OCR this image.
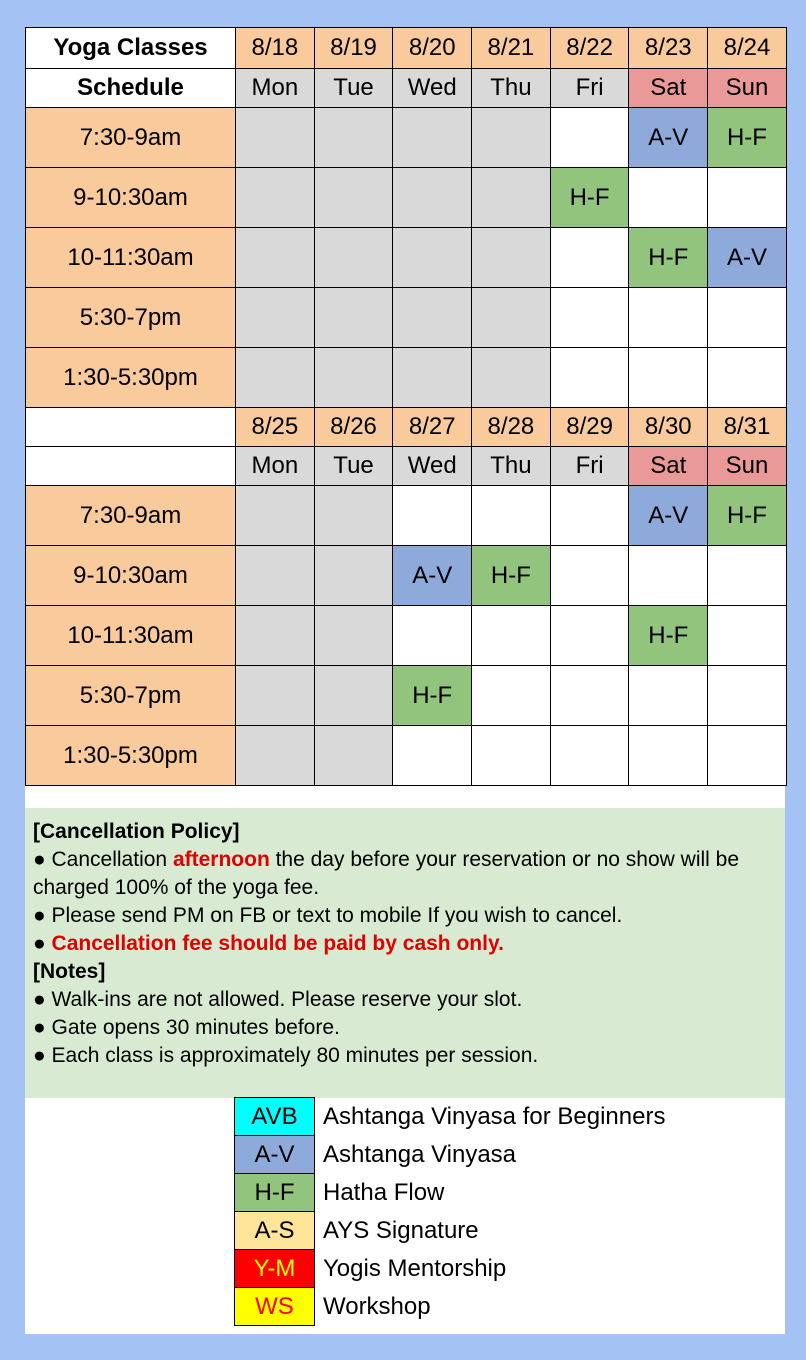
Yoga Classes	8/18	8/19	8/20	8/21	8/22	8/23	8/24
Schedule	Mon	Tue	Wed	Thu	Fri	Sat	Sun
7:30-9am						A-V	H-F
9-10:30am					H-F		
10-11:30am						H-F	A-V
5:30-7pm							
1:30-5:30pm							
	8/25	8/26	8/27	8/28	8/29	8/30	8/31
	Mon	Tue	Wed	Thu	Fri	Sat	Sun
7:30-9am						A-V	H-F
9-10:30am			A-V	H-F			
10-11:30am						H-F	
5:30-7pm			H-F				
1:30-5:30pm							
[Cancellation Policy]
● Cancellation afternoon the day before your reservation or no show will be charged 100% of the yoga fee.
● Please send PM on FB or text to mobile If you wish to cancel.
● Cancellation fee should be paid by cash only.
[Notes]
● Walk-ins are not allowed. Please reserve your slot.
● Gate opens 30 minutes before.
● Each class is approximately 80 minutes per session.
AVB	Ashtanga Vinyasa for Beginners
A-V	Ashtanga Vinyasa
H-F	Hatha Flow
A-S	AYS Signature
Y-M	Yogis Mentorship
WS	Workshop
